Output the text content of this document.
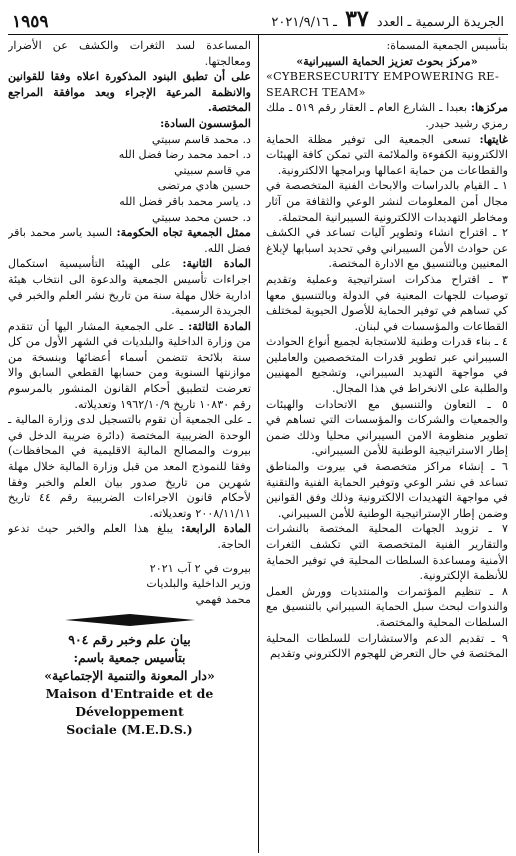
الجريدة الرسمية ـ العدد ٣٧ ـ ٢٠٢١/٩/١٦
١٩٥٩

بتأسيس الجمعية المسماة:

«مركز بحوث تعزيز الحماية السيبرانية»

«CYBERSECURITY EMPOWERING RE-

SEARCH TEAM»

مركزها: بعبدا ـ الشارع العام ـ العقار رقم ٥١٩ ـ ملك رمزي رشيد حيدر.

غايتها: تسعى الجمعية الى توفير مظلة الحماية الالكترونية الكفوءة والملائمة التي تمكن كافة الهيئات والقطاعات من حماية اعمالها وبرامجها الالكترونية.

١ ـ القيام بالدراسات والابحاث الفنية المتخصصة في مجال أمن المعلومات لنشر الوعي والثقافة من آثار ومخاطر التهديدات الالكترونية السيبرانية المحتملة.

٢ ـ اقتراح انشاء وتطوير آليات تساعد في الكشف عن حوادث الأمن السيبراني وفي تحديد اسبابها لإبلاغ المعنيين وبالتنسيق مع الادارة المختصة.

٣ ـ اقتراح مذكرات استراتيجية وعملية وتقديم توصيات للجهات المعنية في الدولة وبالتنسيق معها كي تساهم في توفير الحماية للأصول الحيوية لمختلف القطاعات والمؤسسات في لبنان.

٤ ـ بناء قدرات وطنية للاستجابة لجميع أنواع الحوادث السيبراني عبر تطوير قدرات المتخصصين والعاملين في مواجهة التهديد السيبراني، وتشجيع المهنيين والطلبة على الانخراط في هذا المجال.

٥ ـ التعاون والتنسيق مع الاتحادات والهيئات والجمعيات والشركات والمؤسسات التي تساهم في تطوير منظومة الامن السيبراني محليا وذلك ضمن إطار الاستراتيجية الوطنية للأمن السيبراني.

٦ ـ إنشاء مراكز متخصصة في بيروت والمناطق تساعد في نشر الوعي وتوفير الحماية الفنية والتقنية في مواجهة التهديدات الالكترونية وذلك وفق القوانين وضمن إطار الإستراتيجية الوطنية للأمن السيبراني.

٧ ـ تزويد الجهات المحلية المختصة بالنشرات والتقارير الفنية المتخصصة التي تكشف الثغرات الأمنية ومساعدة السلطات المحلية في توفير الحماية للأنظمة الإلكترونية.

٨ ـ تنظيم المؤتمرات والمنتديات وورش العمل والندوات لبحث سبل الحماية السيبراني بالتنسيق مع السلطات المحلية والمختصة.

٩ ـ تقديم الدعم والاستشارات للسلطات المحلية المختصة في حال التعرض للهجوم الالكتروني وتقديم

المساعدة لسد الثغرات والكشف عن الأضرار ومعالجتها.

على أن تطبق البنود المذكورة اعلاه وفقا للقوانين والانظمة المرعية الإجراء وبعد موافقة المراجع المختصة.

المؤسسون السادة:

د. محمد قاسم سبيتي

د. احمد محمد رضا فضل الله

مي قاسم سبيتي

حسين هادي مرتضى

د. ياسر محمد باقر فضل الله

د. حسن محمد سبيتي

ممثل الجمعية تجاه الحكومة: السيد ياسر محمد باقر فضل الله.

المادة الثانية: على الهيئة التأسيسية استكمال اجراءات تأسيس الجمعية والدعوة الى انتخاب هيئة ادارية خلال مهلة سنة من تاريخ نشر العلم والخبر في الجريدة الرسمية.

المادة الثالثة: ـ على الجمعية المشار اليها أن تتقدم من وزارة الداخلية والبلديات في الشهر الأول من كل سنة بلائحة تتضمن أسماء أعضائها وبنسخة من موازنتها السنوية ومن حسابها القطعي السابق والا تعرضت لتطبيق أحكام القانون المنشور بالمرسوم رقم ١٠٨٣٠ تاريخ ١٩٦٢/١٠/٩ وتعديلاته.

ـ على الجمعية أن تقوم بالتسجيل لدى وزارة المالية ـ الوحدة الضريبية المختصة (دائرة ضريبة الدخل في بيروت والمصالح المالية الاقليمية في المحافظات) وفقا للنموذج المعد من قبل وزارة المالية خلال مهلة شهرين من تاريخ صدور بيان العلم والخبر وفقا لأحكام قانون الاجراءات الضريبية رقم ٤٤ تاريخ ٢٠٠٨/١١/١١ وتعديلاته.

المادة الرابعة: يبلغ هذا العلم والخبر حيث تدعو الحاجة.

بيروت في ٢ آب ٢٠٢١

وزير الداخلية والبلديات

محمد فهمي

بيان علم وخبر رقم ٩٠٤

بتأسيس جمعية باسم:

«دار المعونة والتنمية الإجتماعية»

Maison d'Entraide et de Développement

Sociale (M.E.D.S.)
